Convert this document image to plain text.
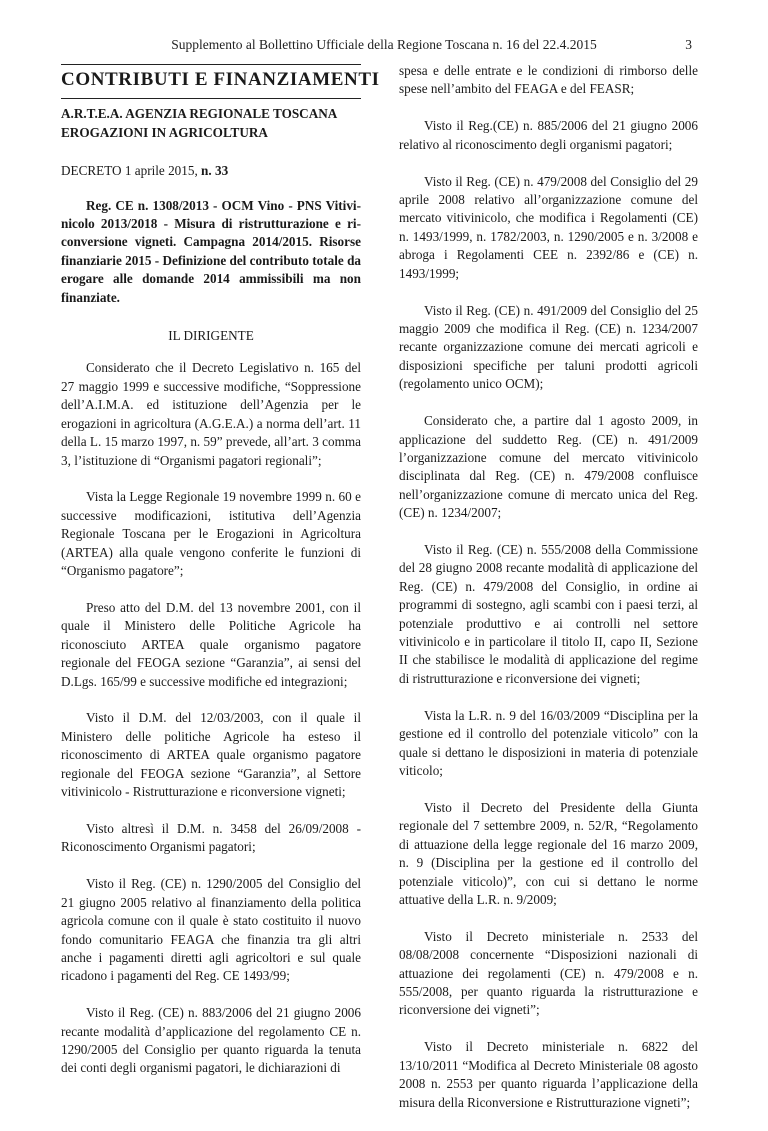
Supplemento al Bollettino Ufficiale della Regione Toscana n. 16 del 22.4.2015	3
CONTRIBUTI E FINANZIAMENTI
A.R.T.E.A. AGENZIA REGIONALE TOSCANA
EROGAZIONI IN AGRICOLTURA
DECRETO 1 aprile 2015, n. 33
Reg. CE n. 1308/2013 - OCM Vino - PNS Vitivinicolo 2013/2018 - Misura di ristrutturazione e riconversione vigneti. Campagna 2014/2015. Risorse finanziarie 2015 - Definizione del contributo totale da erogare alle domande 2014 ammissibili ma non finanziate.
IL DIRIGENTE

Considerato che il Decreto Legislativo n. 165 del 27 maggio 1999 e successive modifiche, “Soppressione dell’A.I.M.A. ed istituzione dell’Agenzia per le erogazioni in agricoltura (A.G.E.A.) a norma dell’art. 11 della L. 15 marzo 1997, n. 59” prevede, all’art. 3 comma 3, l’istituzione di “Organismi pagatori regionali”;

Vista la Legge Regionale 19 novembre 1999 n. 60 e successive modificazioni, istitutiva dell’Agenzia Regionale Toscana per le Erogazioni in Agricoltura (ARTEA) alla quale vengono conferite le funzioni di “Organismo pagatore”;

Preso atto del D.M. del 13 novembre 2001, con il quale il Ministero delle Politiche Agricole ha riconosciuto ARTEA quale organismo pagatore regionale del FEOGA sezione “Garanzia”, ai sensi del D.Lgs. 165/99 e successive modifiche ed integrazioni;

Visto il D.M. del 12/03/2003, con il quale il Ministero delle politiche Agricole ha esteso il riconoscimento di ARTEA quale organismo pagatore regionale del FEOGA sezione “Garanzia”, al Settore vitivinicolo - Ristrutturazione e riconversione vigneti;

Visto altresì il D.M. n. 3458 del 26/09/2008 - Riconoscimento Organismi pagatori;

Visto il Reg. (CE) n. 1290/2005 del Consiglio del 21 giugno 2005 relativo al finanziamento della politica agricola comune con il quale è stato costituito il nuovo fondo comunitario FEAGA che finanzia tra gli altri anche i pagamenti diretti agli agricoltori e sul quale ricadono i pagamenti del Reg. CE 1493/99;

Visto il Reg. (CE) n. 883/2006 del 21 giugno 2006 recante modalità d’applicazione del regolamento CE n. 1290/2005 del Consiglio per quanto riguarda la tenuta dei conti degli organismi pagatori, le dichiarazioni di

spesa e delle entrate e le condizioni di rimborso delle spese nell’ambito del FEAGA e del FEASR;

Visto il Reg.(CE) n. 885/2006 del 21 giugno 2006 relativo al riconoscimento degli organismi pagatori;

Visto il Reg. (CE) n. 479/2008 del Consiglio del 29 aprile 2008 relativo all’organizzazione comune del mercato vitivinicolo, che modifica i Regolamenti (CE) n. 1493/1999, n. 1782/2003, n. 1290/2005 e n. 3/2008 e abroga i Regolamenti CEE n. 2392/86 e (CE) n. 1493/1999;

Visto il Reg. (CE) n. 491/2009 del Consiglio del 25 maggio 2009 che modifica il Reg. (CE) n. 1234/2007 recante organizzazione comune dei mercati agricoli e disposizioni specifiche per taluni prodotti agricoli (regolamento unico OCM);

Considerato che, a partire dal 1 agosto 2009, in applicazione del suddetto Reg. (CE) n. 491/2009 l’organizzazione comune del mercato vitivinicolo disciplinata dal Reg. (CE) n. 479/2008 confluisce nell’organizzazione comune di mercato unica del Reg. (CE) n. 1234/2007;

Visto il Reg. (CE) n. 555/2008 della Commissione del 28 giugno 2008 recante modalità di applicazione del Reg. (CE) n. 479/2008 del Consiglio, in ordine ai programmi di sostegno, agli scambi con i paesi terzi, al potenziale produttivo e ai controlli nel settore vitivinicolo e in particolare il titolo II, capo II, Sezione II che stabilisce le modalità di applicazione del regime di ristrutturazione e riconversione dei vigneti;

Vista la L.R. n. 9 del 16/03/2009 “Disciplina per la gestione ed il controllo del potenziale viticolo” con la quale si dettano le disposizioni in materia di potenziale viticolo;

Visto il Decreto del Presidente della Giunta regionale del 7 settembre 2009, n. 52/R, “Regolamento di attuazione della legge regionale del 16 marzo 2009, n. 9 (Disciplina per la gestione ed il controllo del potenziale viticolo)”, con cui si dettano le norme attuative della L.R. n. 9/2009;

Visto il Decreto ministeriale n. 2533 del 08/08/2008 concernente “Disposizioni nazionali di attuazione dei regolamenti (CE) n. 479/2008 e n. 555/2008, per quanto riguarda la ristrutturazione e riconversione dei vigneti”;

Visto il Decreto ministeriale n. 6822 del 13/10/2011 “Modifica al Decreto Ministeriale 08 agosto 2008 n. 2553 per quanto riguarda l’applicazione della misura della Riconversione e Ristrutturazione vigneti”;
